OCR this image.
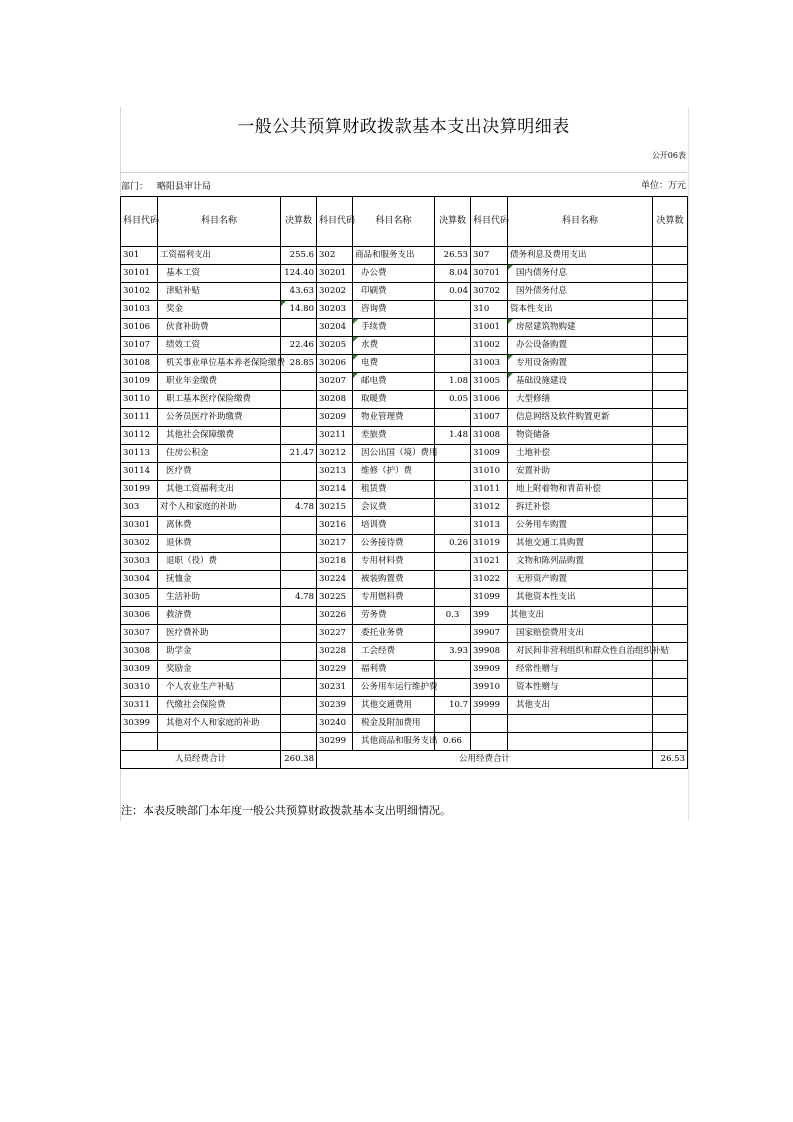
一般公共预算财政拨款基本支出决算明细表
公开06表
部门： 略阳县审计局	单位：万元
科目代码	科目名称	决算数	科目代码	科目名称	决算数	科目代码	科目名称	决算数
301	工资福利支出	255.6	302	商品和服务支出	26.53	307	债务利息及费用支出	
30101	基本工资	124.40	30201	办公费	8.04	30701	国内债务付息	
30102	津贴补贴	43.63	30202	印刷费	0.04	30702	国外债务付息	
30103	奖金	14.80	30203	咨询费		310	资本性支出	
30106	伙食补助费		30204	手续费		31001	房屋建筑物购建	
30107	绩效工资	22.46	30205	水费		31002	办公设备购置	
30108	机关事业单位基本养老保险缴费	28.85	30206	电费		31003	专用设备购置	
30109	职业年金缴费		30207	邮电费	1.08	31005	基础设施建设	
30110	职工基本医疗保险缴费		30208	取暖费	0.05	31006	大型修缮	
30111	公务员医疗补助缴费		30209	物业管理费		31007	信息网络及软件购置更新	
30112	其他社会保障缴费		30211	差旅费	1.48	31008	物资储备	
30113	住房公积金	21.47	30212	因公出国（境）费用		31009	土地补偿	
30114	医疗费		30213	维修（护）费		31010	安置补助	
30199	其他工资福利支出		30214	租赁费		31011	地上附着物和青苗补偿	
303	对个人和家庭的补助	4.78	30215	会议费		31012	拆迁补偿	
30301	离休费		30216	培训费		31013	公务用车购置	
30302	退休费		30217	公务接待费	0.26	31019	其他交通工具购置	
30303	退职（役）费		30218	专用材料费		31021	文物和陈列品购置	
30304	抚恤金		30224	被装购置费		31022	无形资产购置	
30305	生活补助	4.78	30225	专用燃料费		31099	其他资本性支出	
30306	救济费		30226	劳务费	0.3	399	其他支出	
30307	医疗费补助		30227	委托业务费		39907	国家赔偿费用支出	
30308	助学金		30228	工会经费	3.93	39908	对民间非营利组织和群众性自治组织补贴	
30309	奖励金		30229	福利费		39909	经常性赠与	
30310	个人农业生产补贴		30231	公务用车运行维护费		39910	资本性赠与	
30311	代缴社会保险费		30239	其他交通费用	10.7	39999	其他支出	
30399	其他对个人和家庭的补助		30240	税金及附加费用				
			30299	其他商品和服务支出	0.66			
人员经费合计		260.38	公用经费合计					26.53
注：本表反映部门本年度一般公共预算财政拨款基本支出明细情况。
